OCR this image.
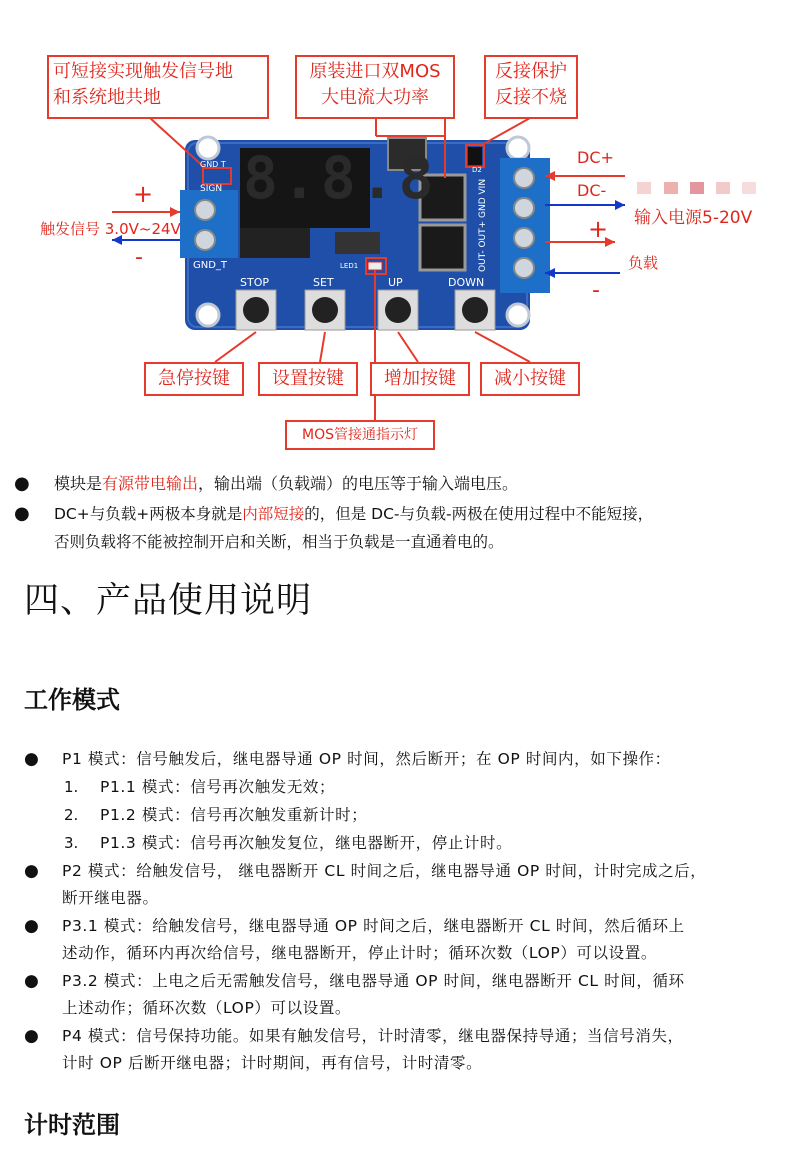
8.8.8
GND T
SIGN
GND_T
D2
LED1	OUT- OUT+ GND VIN
STOP	SET	UP	DOWN
可短接实现触发信号地
和系统地共地
原装进口双MOS
大电流大功率
反接保护
反接不烧
急停按键	设置按键	增加按键	减小按键
MOS管接通指示灯
+
触发信号 3.0V~24V
-
DC+
DC-
输入电源5-20V
+
负载
-
● 模块是有源带电输出，输出端（负载端）的电压等于输入端电压。
● DC+与负载+两极本身就是内部短接的，但是 DC-与负载-两极在使用过程中不能短接，
否则负载将不能被控制开启和关断，相当于负载是一直通着电的。
四、产品使用说明
工作模式
● P1 模式：信号触发后，继电器导通 OP 时间，然后断开；在 OP 时间内，如下操作：
1. P1.1 模式：信号再次触发无效；
2. P1.2 模式：信号再次触发重新计时；
3. P1.3 模式：信号再次触发复位，继电器断开，停止计时。
● P2 模式：给触发信号， 继电器断开 CL 时间之后，继电器导通 OP 时间，计时完成之后，
断开继电器。
● P3.1 模式：给触发信号，继电器导通 OP 时间之后，继电器断开 CL 时间，然后循环上
述动作，循环内再次给信号，继电器断开，停止计时；循环次数（LOP）可以设置。
● P3.2 模式：上电之后无需触发信号，继电器导通 OP 时间，继电器断开 CL 时间，循环
上述动作；循环次数（LOP）可以设置。
● P4 模式：信号保持功能。如果有触发信号，计时清零，继电器保持导通；当信号消失，
计时 OP 后断开继电器；计时期间，再有信号，计时清零。
计时范围
